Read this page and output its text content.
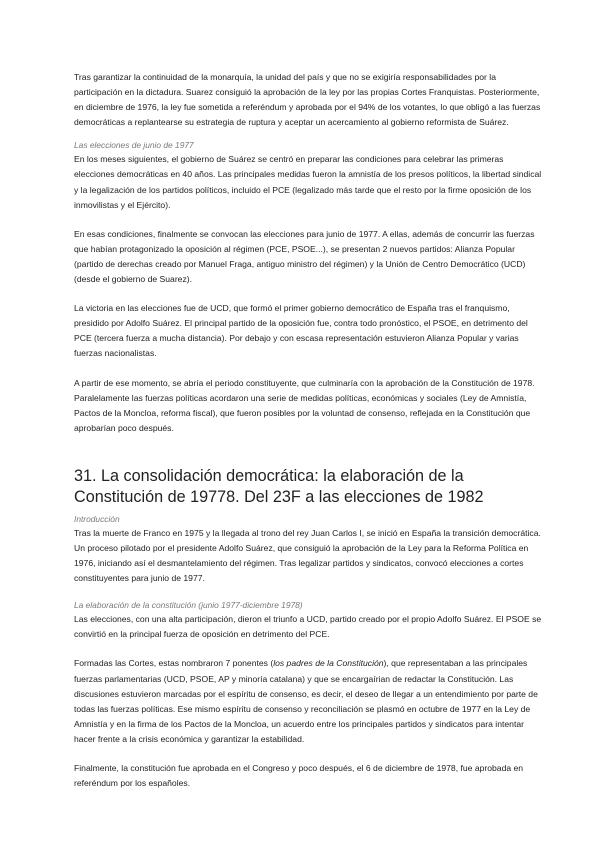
Tras garantizar la continuidad de la monarquía, la unidad del país y que no se exigiría responsabilidades por la participación en la dictadura. Suarez consiguió la aprobación de la ley por las propias Cortes Franquistas. Posteriormente, en diciembre de 1976, la ley fue sometida a referéndum y aprobada por el 94% de los votantes, lo que obligó a las fuerzas democráticas a replantearse su estrategia de ruptura y aceptar un acercamiento al gobierno reformista de Suárez.

Las elecciones de junio de 1977

En los meses siguientes, el gobierno de Suárez se centró en preparar las condiciones para celebrar las primeras elecciones democráticas en 40 años. Las principales medidas fueron la amnistía de los presos políticos, la libertad sindical y la legalización de los partidos políticos, incluido el PCE (legalizado más tarde que el resto por la firme oposición de los inmovilistas y el Ejército).

En esas condiciones, finalmente se convocan las elecciones para junio de 1977. A ellas, además de concurrir las fuerzas que habían protagonizado la oposición al régimen (PCE, PSOE...), se presentan 2 nuevos partidos: Alianza Popular (partido de derechas creado por Manuel Fraga, antiguo ministro del régimen) y la Unión de Centro Democrático (UCD) (desde el gobierno de Suarez).

La victoria en las elecciones fue de UCD, que formó el primer gobierno democrático de España tras el franquismo, presidido por Adolfo Suárez. El principal partido de la oposición fue, contra todo pronóstico, el PSOE, en detrimento del PCE (tercera fuerza a mucha distancia). Por debajo y con escasa representación estuvieron Alianza Popular y varias fuerzas nacionalistas.

A partir de ese momento, se abría el periodo constituyente, que culminaría con la aprobación de la Constitución de 1978. Paralelamente las fuerzas políticas acordaron una serie de medidas políticas, económicas y sociales (Ley de Amnistía, Pactos de la Moncloa, reforma fiscal), que fueron posibles por la voluntad de consenso, reflejada en la Constitución que aprobarían poco después.

31. La consolidación democrática: la elaboración de la Constitución de 19778. Del 23F a las elecciones de 1982
Introducción

Tras la muerte de Franco en 1975 y la llegada al trono del rey Juan Carlos I, se inició en España la transición democrática. Un proceso pilotado por el presidente Adolfo Suárez, que consiguió la aprobación de la Ley para la Reforma Política en 1976, iniciando así el desmantelamiento del régimen. Tras legalizar partidos y sindicatos, convocó elecciones a cortes constituyentes para junio de 1977.

La elaboración de la constitución (junio 1977-diciembre 1978)

Las elecciones, con una alta participación, dieron el triunfo a UCD, partido creado por el propio Adolfo Suárez. El PSOE se convirtió en la principal fuerza de oposición en detrimento del PCE.

Formadas las Cortes, estas nombraron 7 ponentes (los padres de la Constitución), que representaban a las principales fuerzas parlamentarias (UCD, PSOE, AP y minoría catalana) y que se encargaírian de redactar la Constitución. Las discusiones estuvieron marcadas por el espíritu de consenso, es decir, el deseo de llegar a un entendimiento por parte de todas las fuerzas políticas. Ese mismo espíritu de consenso y reconciliación se plasmó en octubre de 1977 en la Ley de Amnistía y en la firma de los Pactos de la Moncloa, un acuerdo entre los principales partidos y sindicatos para intentar hacer frente a la crisis económica y garantizar la estabilidad.

Finalmente, la constitución fue aprobada en el Congreso y poco después, el 6 de diciembre de 1978, fue aprobada en referéndum por los españoles.
